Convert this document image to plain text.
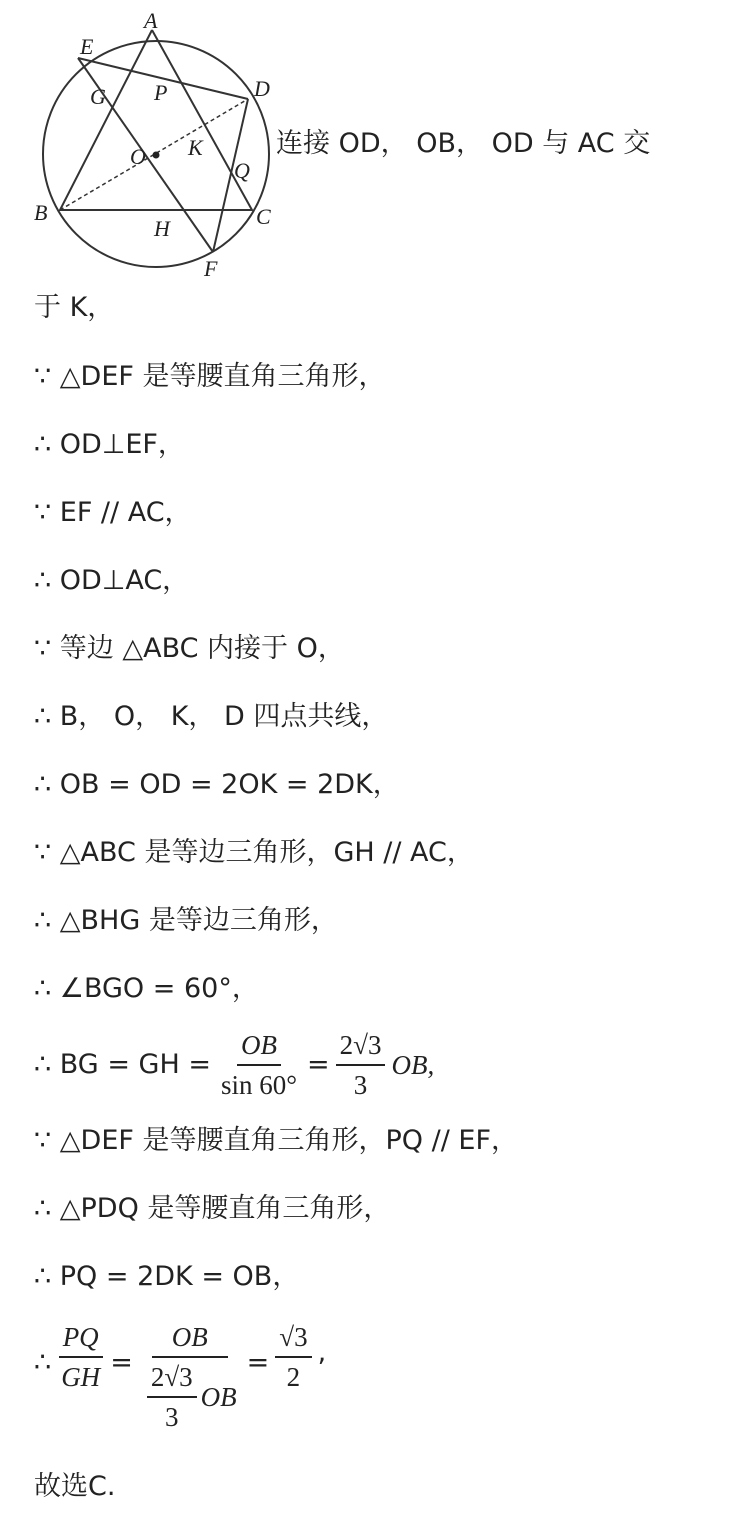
A
E
D
G P
K
O
Q
B
H	C
F
连接 OD， OB， OD 与 AC 交
于 K，
∵ △DEF 是等腰直角三角形，
∴ OD⊥EF，
∵ EF // AC，
∴ OD⊥AC，
∵ 等边 △ABC 内接于 O，
∴ B， O， K， D 四点共线，
∴ OB = OD = 2OK = 2DK，
∵ △ABC 是等边三角形，GH // AC，
∴ △BHG 是等边三角形，
∴ ∠BGO = 60°，
∴ BG = GH = $\frac{OB}{\sin 60^\circ} = \frac{2√3}{3}$ OB,
∵ △DEF 是等腰直角三角形，PQ // EF，
∴ △PDQ 是等腰直角三角形，
∴ PQ = 2DK = OB，
∴ $\frac{PQ}{GH} = \frac{OB}{\frac{2√3}{3} OB} = \frac{√3}{2}$ ,
故选C.
